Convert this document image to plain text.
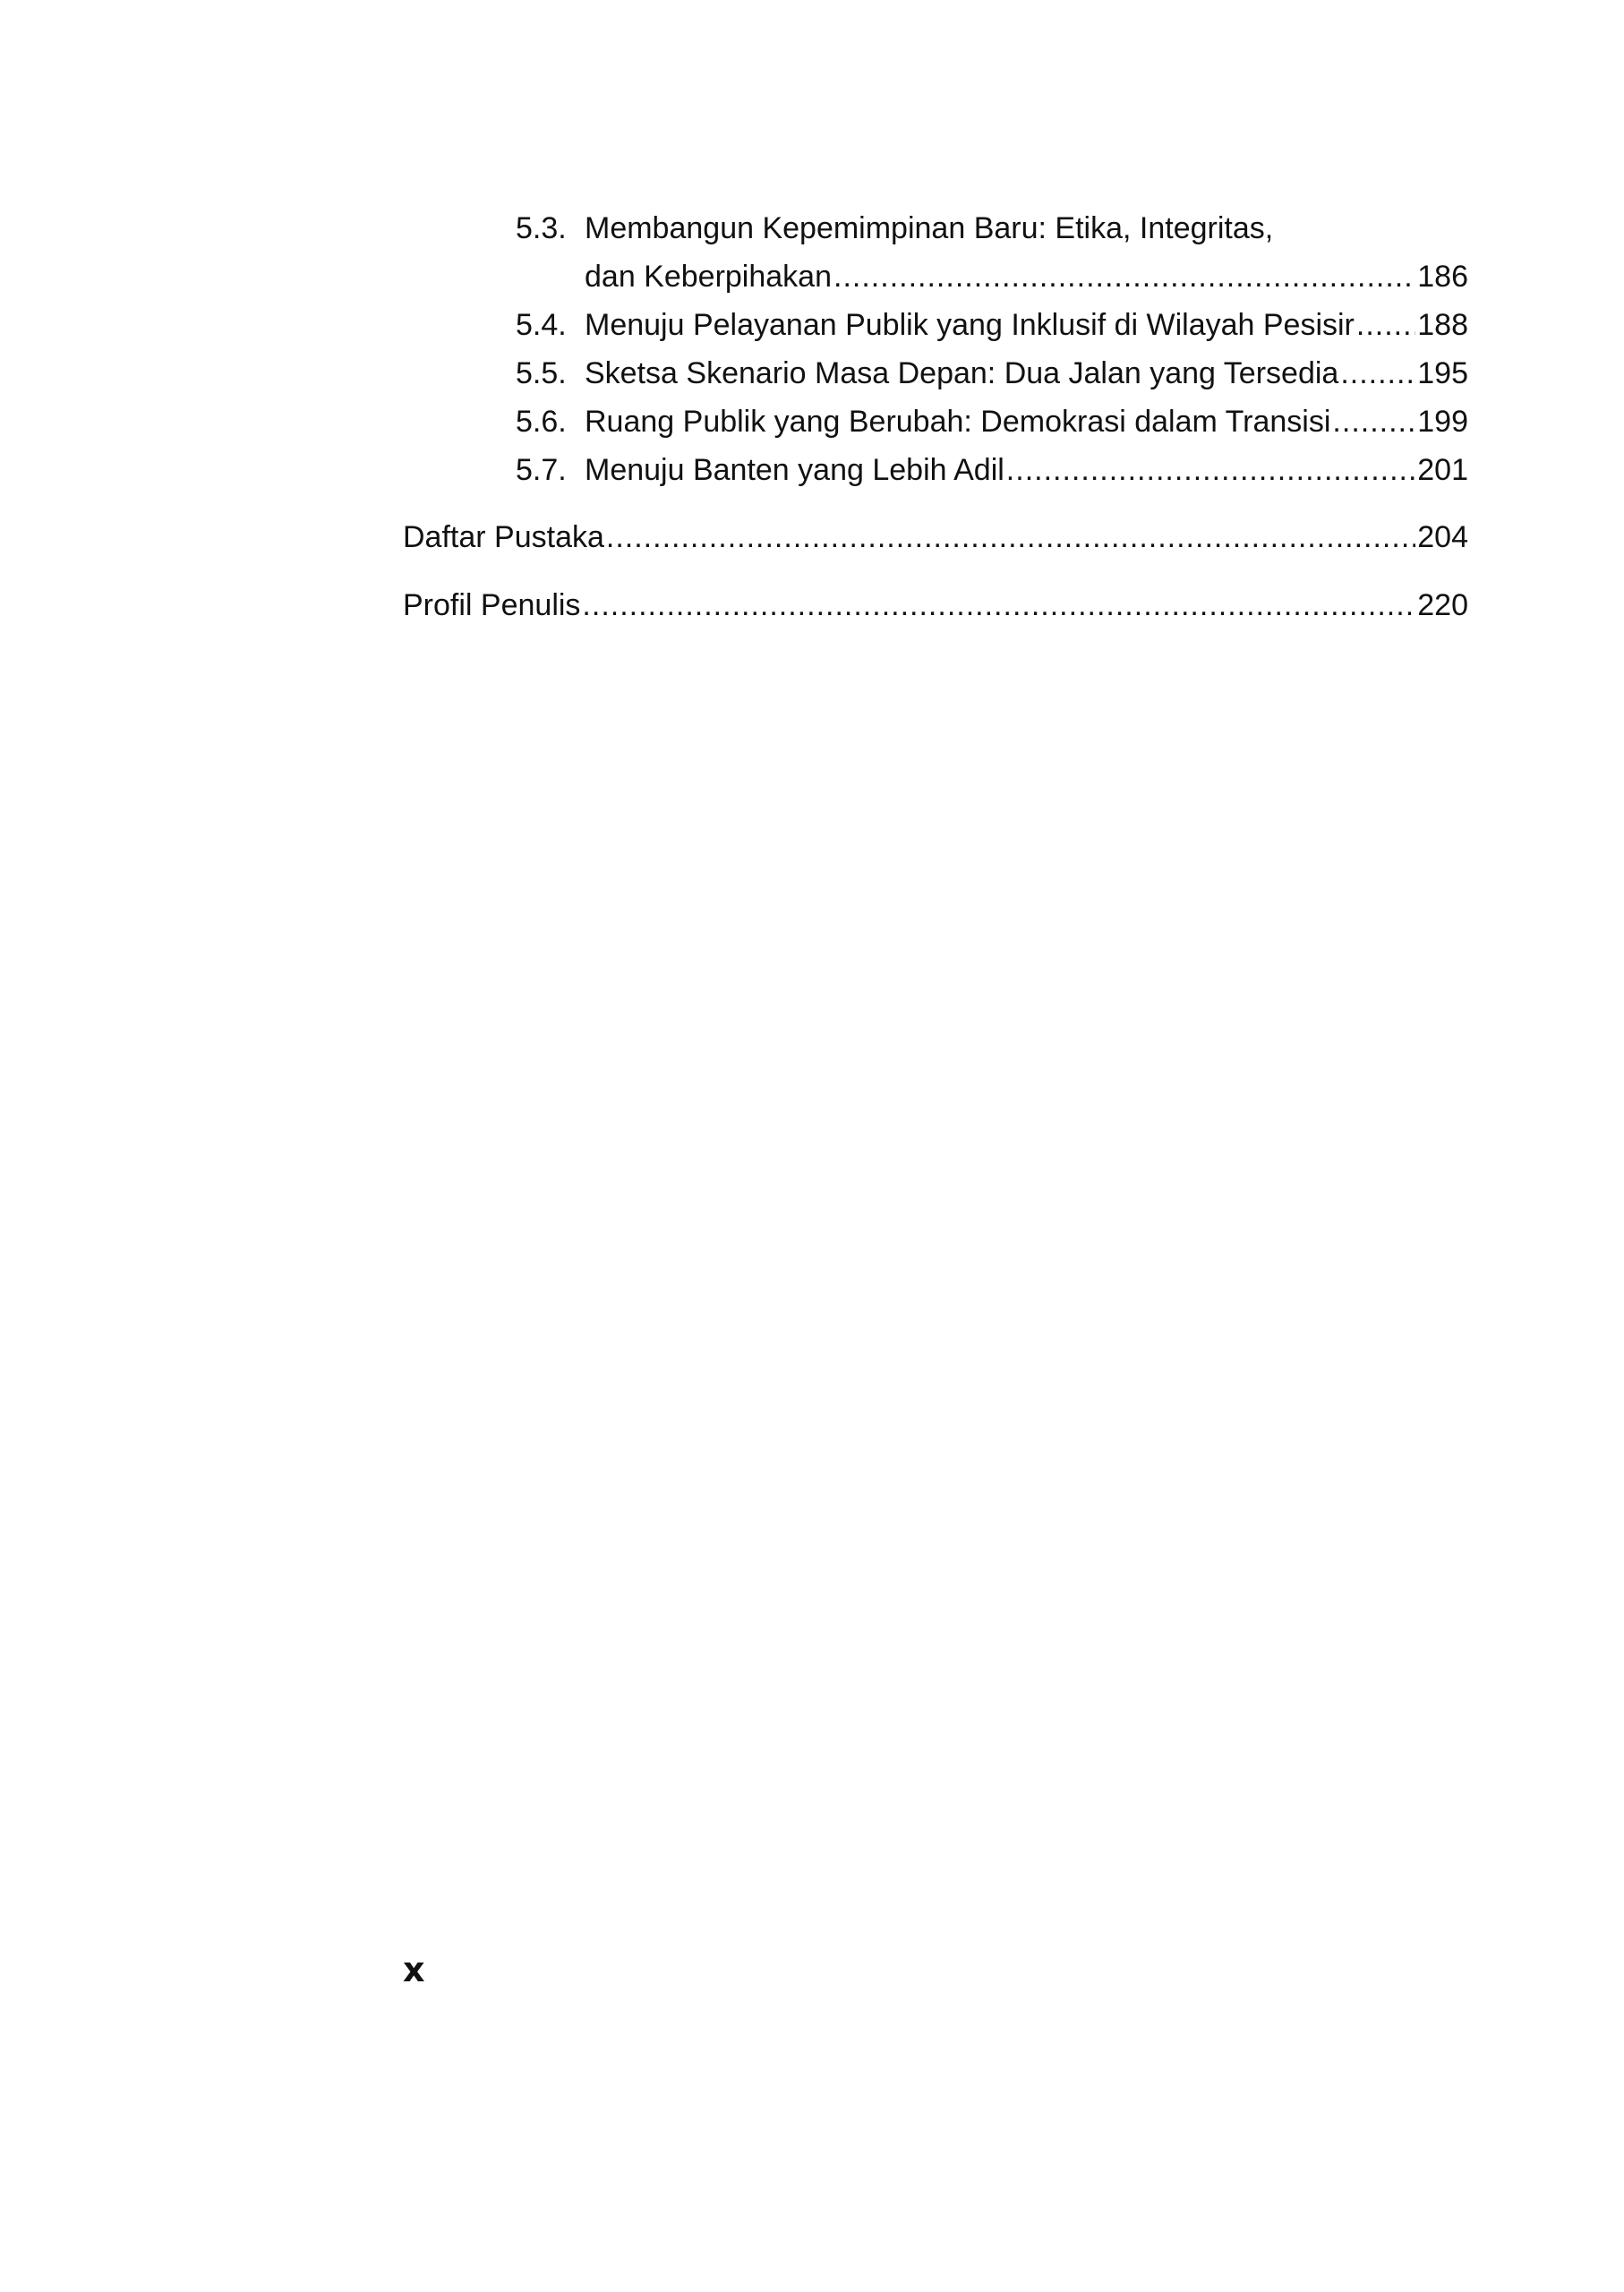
5.3. Membangun Kepemimpinan Baru: Etika, Integritas,
dan Keberpihakan .....	186
5.4. Menuju Pelayanan Publik yang Inklusif di Wilayah Pesisir ..... 188
5.5. Sketsa Skenario Masa Depan: Dua Jalan yang Tersedia .....	195
5.6. Ruang Publik yang Berubah: Demokrasi dalam Transisi .....	199
5.7. Menuju Banten yang Lebih Adil .....	201
Daftar Pustaka .....	204
Profil Penulis .....	220
x
